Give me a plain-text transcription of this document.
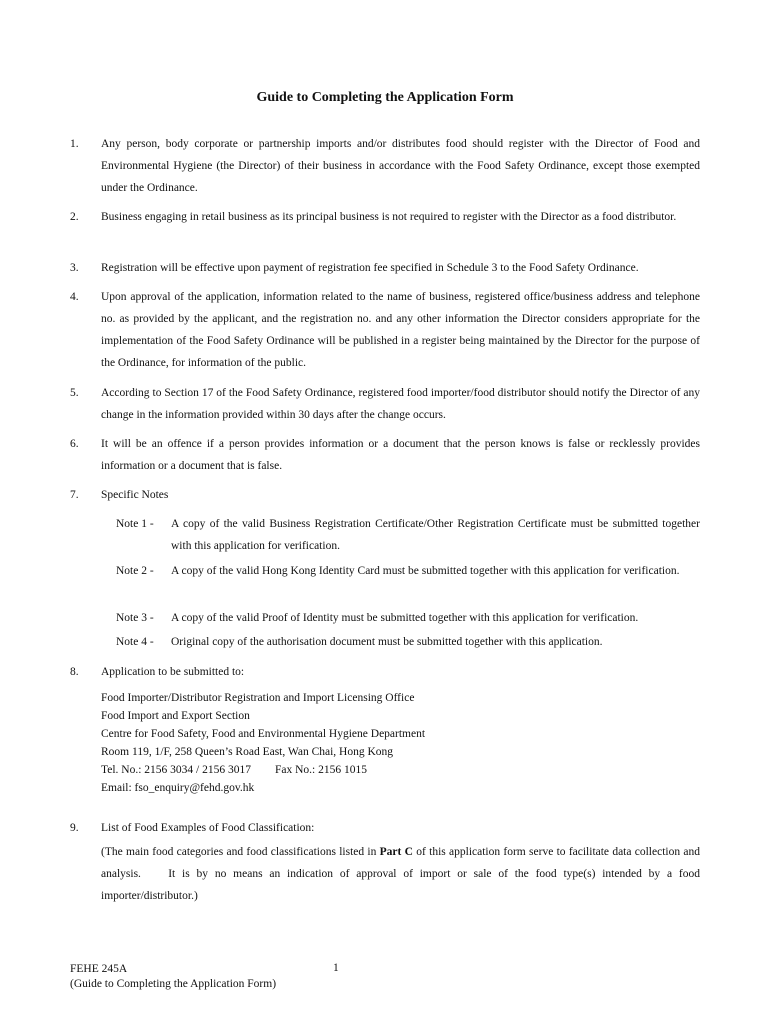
Guide to Completing the Application Form
1. Any person, body corporate or partnership imports and/or distributes food should register with the Director of Food and Environmental Hygiene (the Director) of their business in accordance with the Food Safety Ordinance, except those exempted under the Ordinance.
2. Business engaging in retail business as its principal business is not required to register with the Director as a food distributor.
3. Registration will be effective upon payment of registration fee specified in Schedule 3 to the Food Safety Ordinance.
4. Upon approval of the application, information related to the name of business, registered office/business address and telephone no. as provided by the applicant, and the registration no. and any other information the Director considers appropriate for the implementation of the Food Safety Ordinance will be published in a register being maintained by the Director for the purpose of the Ordinance, for information of the public.
5. According to Section 17 of the Food Safety Ordinance, registered food importer/food distributor should notify the Director of any change in the information provided within 30 days after the change occurs.
6. It will be an offence if a person provides information or a document that the person knows is false or recklessly provides information or a document that is false.
7. Specific Notes
Note 1 - A copy of the valid Business Registration Certificate/Other Registration Certificate must be submitted together with this application for verification.
Note 2 - A copy of the valid Hong Kong Identity Card must be submitted together with this application for verification.
Note 3 - A copy of the valid Proof of Identity must be submitted together with this application for verification.
Note 4 - Original copy of the authorisation document must be submitted together with this application.
8. Application to be submitted to:
Food Importer/Distributor Registration and Import Licensing Office
Food Import and Export Section
Centre for Food Safety, Food and Environmental Hygiene Department
Room 119, 1/F, 258 Queen’s Road East, Wan Chai, Hong Kong
Tel. No.: 2156 3034 / 2156 3017 Fax No.: 2156 1015
Email: fso_enquiry@fehd.gov.hk
9. List of Food Examples of Food Classification:
(The main food categories and food classifications listed in Part C of this application form serve to facilitate data collection and analysis.    It is by no means an indication of approval of import or sale of the food type(s) intended by a food importer/distributor.)
FEHE 245A
(Guide to Completing the Application Form)
1
